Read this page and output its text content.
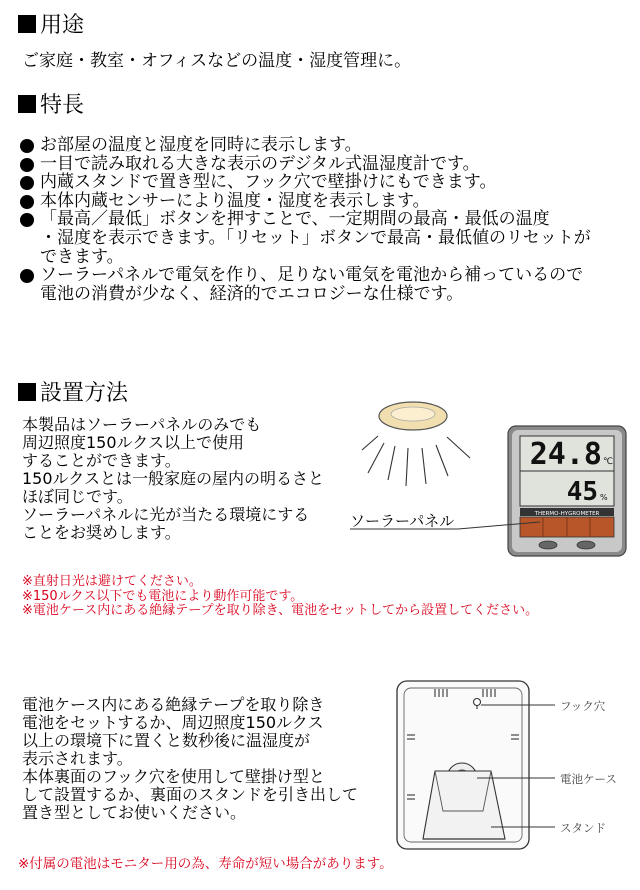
用途
ご家庭・教室・オフィスなどの温度・湿度管理に。
特長
お部屋の温度と湿度を同時に表示します。
一目で読み取れる大きな表示のデジタル式温湿度計です。
内蔵スタンドで置き型に、フック穴で壁掛けにもできます。
本体内蔵センサーにより温度・湿度を表示します。
「最高／最低」ボタンを押すことで、一定期間の最高・最低の温度
・湿度を表示できます。「リセット」ボタンで最高・最低値のリセットが
できます。
ソーラーパネルで電気を作り、足りない電気を電池から補っているので
電池の消費が少なく、経済的でエコロジーな仕様です。
設置方法
本製品はソーラーパネルのみでも
周辺照度150ルクス以上で使用
することができます。
150ルクスとは一般家庭の屋内の明るさと
ほぼ同じです。
ソーラーパネルに光が当たる環境にする
ことをお奨めします。
24.8 ℃
45 %
THERMO-HYGROMETER
ソーラーパネル
※直射日光は避けてください。
※150ルクス以下でも電池により動作可能です。
※電池ケース内にある絶縁テープを取り除き、電池をセットしてから設置してください。
電池ケース内にある絶縁テープを取り除き
電池をセットするか、周辺照度150ルクス
以上の環境下に置くと数秒後に温湿度が
表示されます。
本体裏面のフック穴を使用して壁掛け型と
して設置するか、裏面のスタンドを引き出して
置き型としてお使いください。
フック穴
電池ケース
スタンド
※付属の電池はモニター用の為、寿命が短い場合があります。
